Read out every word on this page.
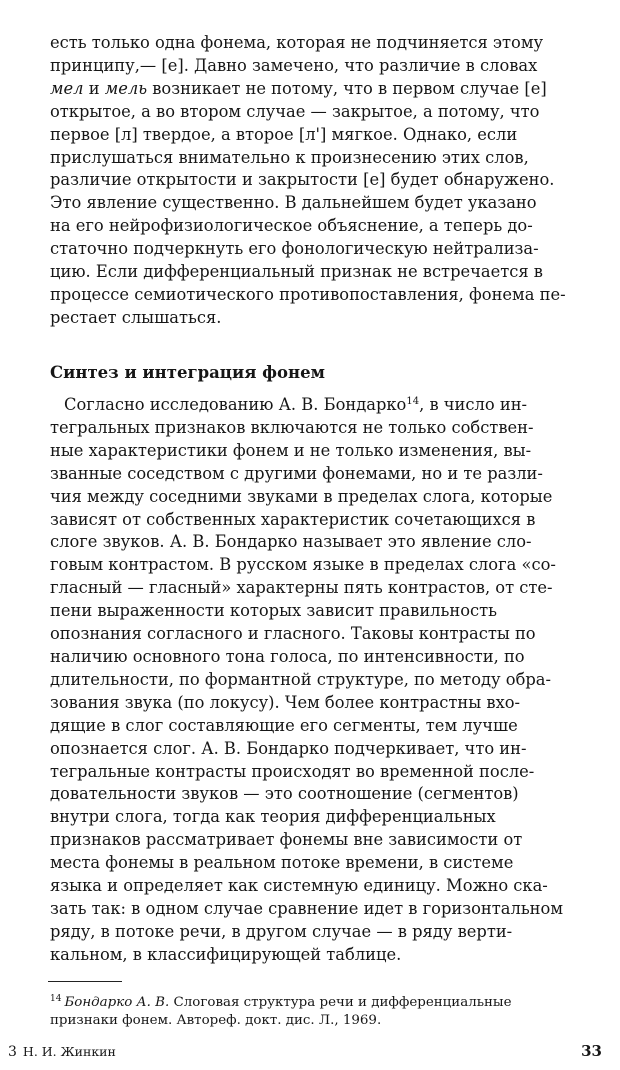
есть только одна фонема, которая не подчиняется этому
принципу,— [е]. Давно замечено, что различие в словах
мел и мель возникает не потому, что в первом случае [е]
открытое, а во втором случае — закрытое, а потому, что
первое [л] твердое, а второе [л'] мягкое. Однако, если
прислушаться внимательно к произнесению этих слов,
различие открытости и закрытости [е] будет обнаружено.
Это явление существенно. В дальнейшем будет указано
на его нейрофизиологическое объяснение, а теперь до-
статочно подчеркнуть его фонологическую нейтрализа-
цию. Если дифференциальный признак не встречается в
процессе семиотического противопоставления, фонема пе-
рестает слышаться.

Синтез и интеграция фонем

Согласно исследованию А. В. Бондарко$^{14}$, в число ин-
тегральных признаков включаются не только собствен-
ные характеристики фонем и не только изменения, вы-
званные соседством с другими фонемами, но и те разли-
чия между соседними звуками в пределах слога, которые
зависят от собственных характеристик сочетающихся в
слоге звуков. А. В. Бондарко называет это явление сло-
говым контрастом. В русском языке в пределах слога «со-
гласный — гласный» характерны пять контрастов, от сте-
пени выраженности которых зависит правильность
опознания согласного и гласного. Таковы контрасты по
наличию основного тона голоса, по интенсивности, по
длительности, по формантной структуре, по методу обра-
зования звука (по локусу). Чем более контрастны вхо-
дящие в слог составляющие его сегменты, тем лучше
опознается слог. А. В. Бондарко подчеркивает, что ин-
тегральные контрасты происходят во временной после-
довательности звуков — это соотношение (сегментов)
внутри слога, тогда как теория дифференциальных
признаков рассматривает фонемы вне зависимости от
места фонемы в реальном потоке времени, в системе
языка и определяет как системную единицу. Можно ска-
зать так: в одном случае сравнение идет в горизонтальном
ряду, в потоке речи, в другом случае — в ряду верти-
кальном, в классифицирующей таблице.

$^{14}$ Бондарко А. В. Слоговая структура речи и дифференциальные
признаки фонем. Автореф. докт. дис. Л., 1969.

3 Н. И. Жинкин	33
